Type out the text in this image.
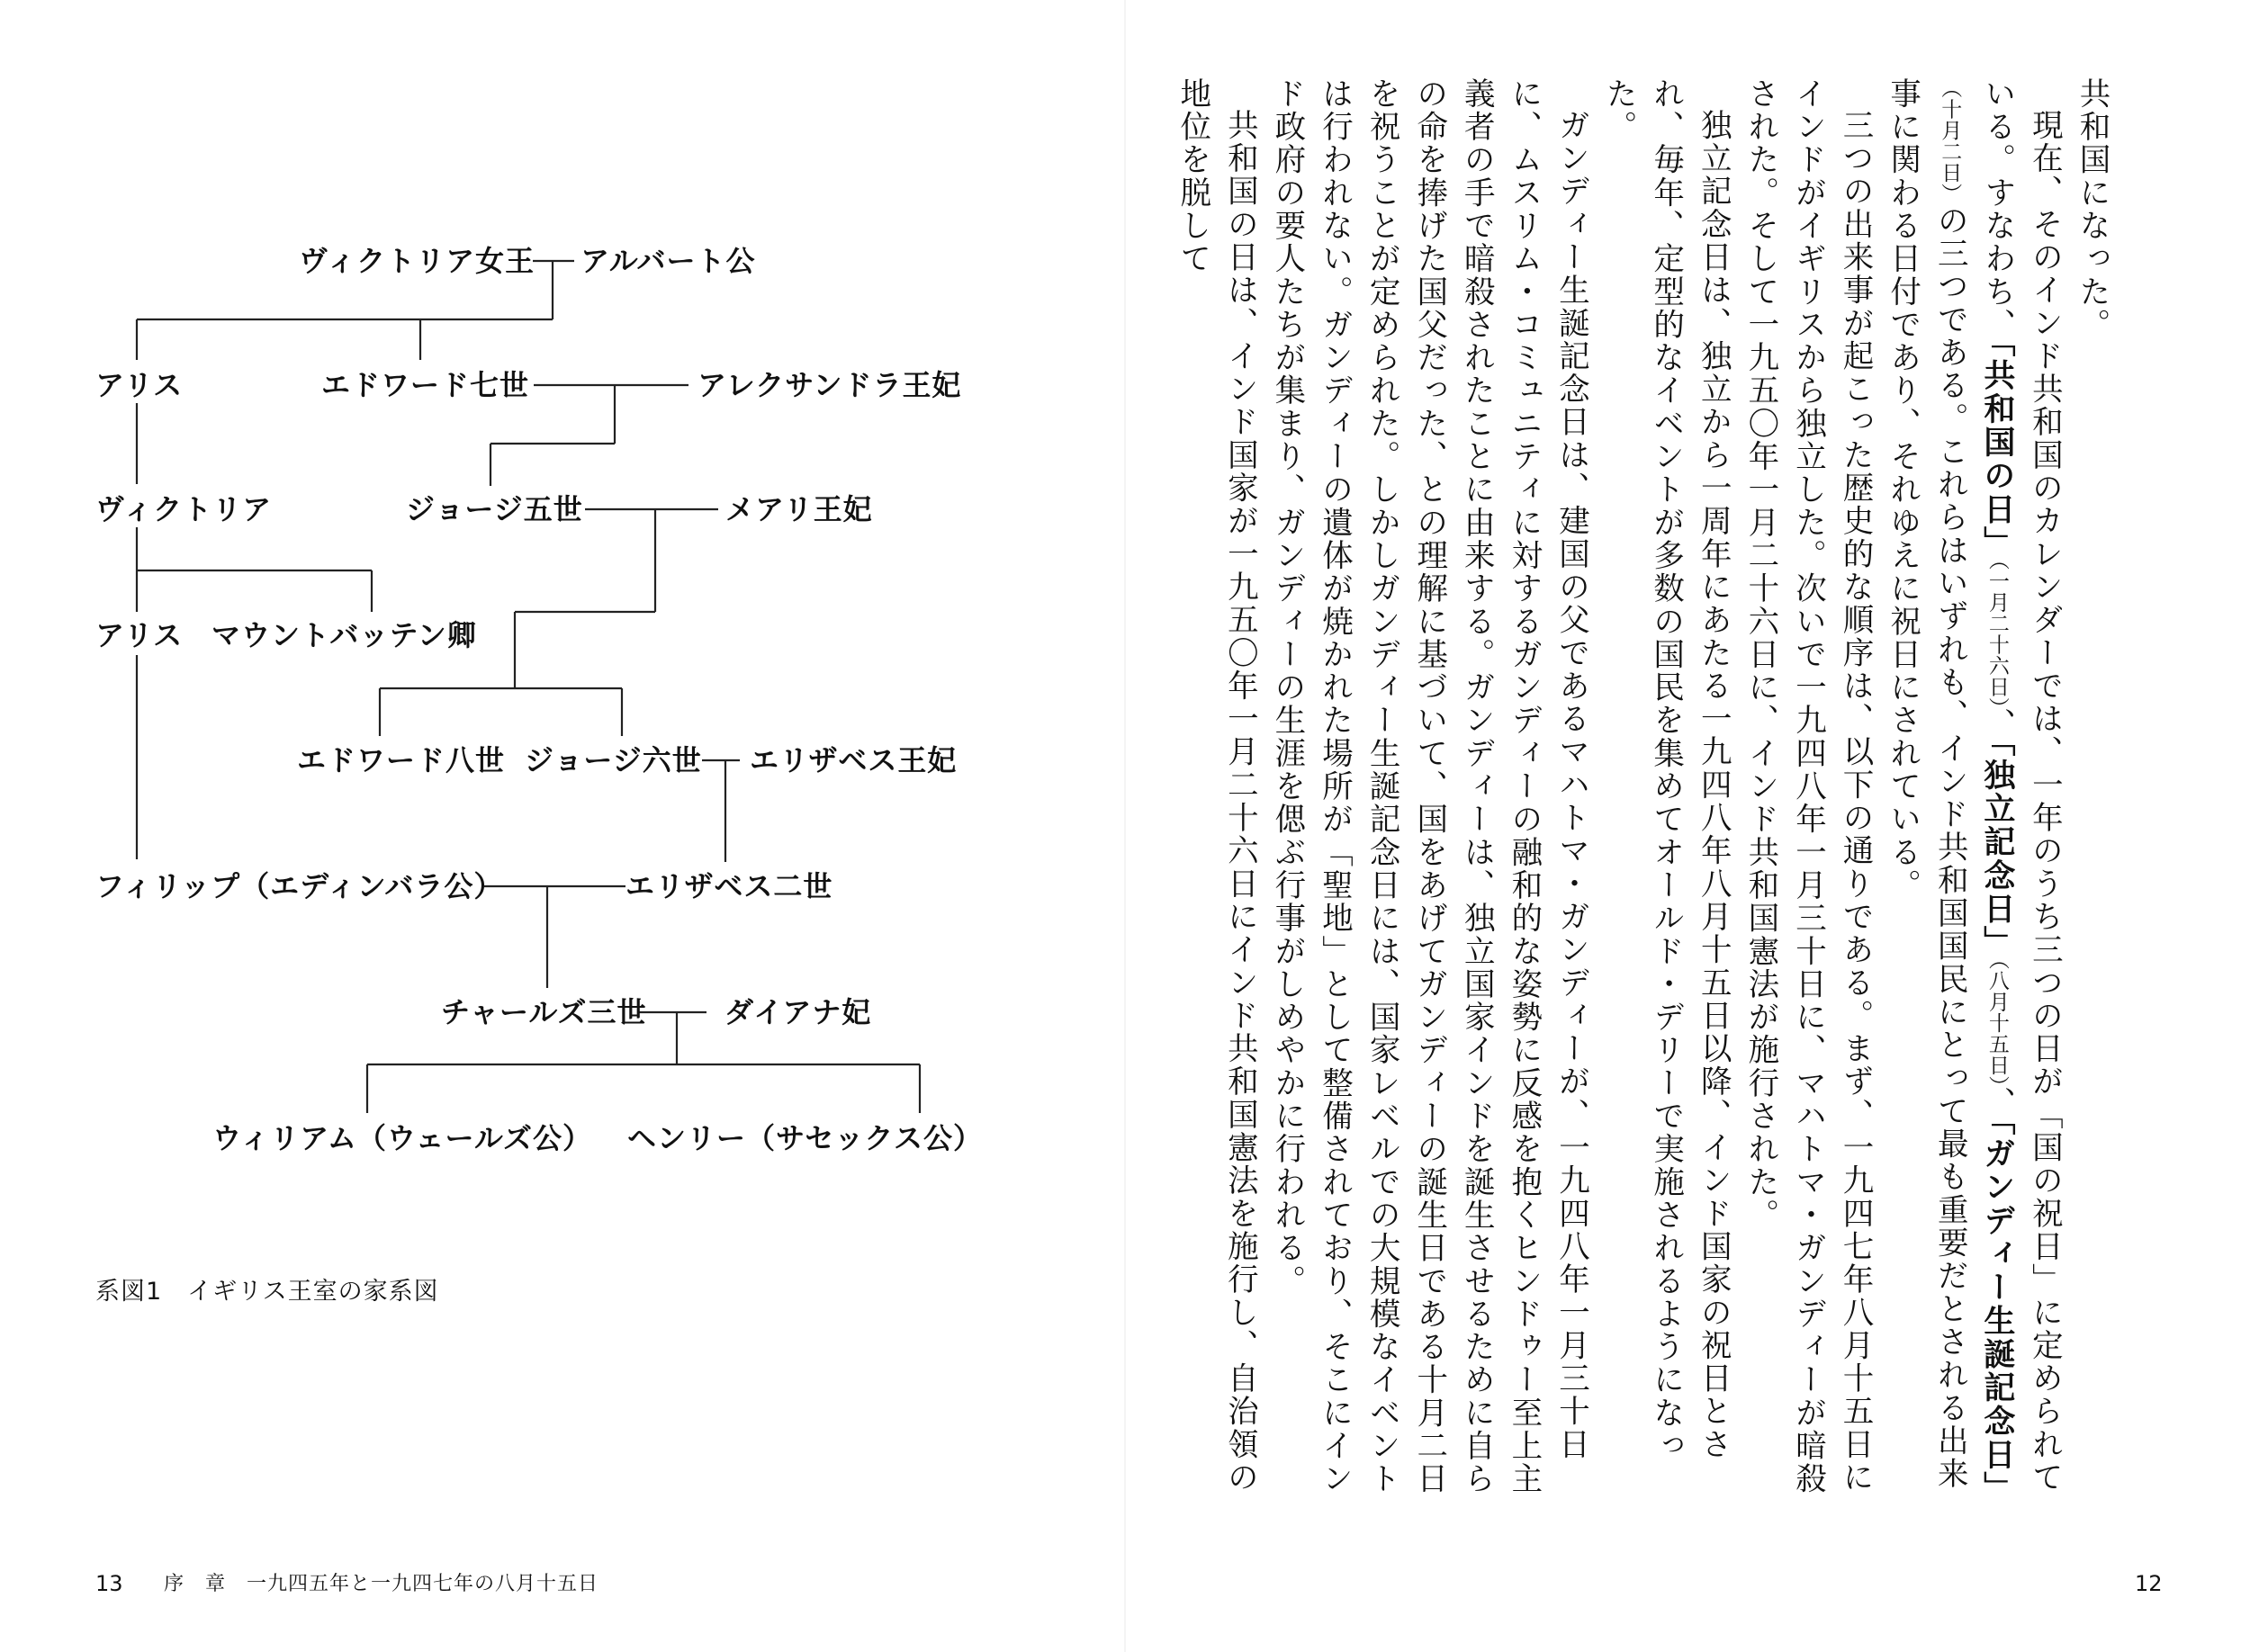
ヴィクトリア女王 アルバート公
アリス	エドワード七世	アレクサンドラ王妃
ヴィクトリア	ジョージ五世	メアリ王妃
アリス マウントバッテン卿
エドワード八世 ジョージ六世 エリザベス王妃
フィリップ（エディンバラ公）	エリザベス二世
チャールズ三世	ダイアナ妃
ウィリアム（ウェールズ公） ヘンリー（サセックス公）
系図1　イギリス王室の家系図
13 序　章　一九四五年と一九四七年の八月十五日

共和国になった。

現在、そのインド共和国のカレンダーでは、一年のうち三つの日が「国の祝日」に定められている。すなわち、「共和国の日」（一月二十六日）、「独立記念日」（八月十五日）、「ガンディー生誕記念日」（十月二日）の三つである。これらはいずれも、インド共和国国民にとって最も重要だとされる出来事に関わる日付であり、それゆえに祝日にされている。

三つの出来事が起こった歴史的な順序は、以下の通りである。まず、一九四七年八月十五日にインドがイギリスから独立した。次いで一九四八年一月三十日に、マハトマ・ガンディーが暗殺された。そして一九五〇年一月二十六日に、インド共和国憲法が施行された。

独立記念日は、独立から一周年にあたる一九四八年八月十五日以降、インド国家の祝日とされ、毎年、定型的なイベントが多数の国民を集めてオールド・デリーで実施されるようになった。

ガンディー生誕記念日は、建国の父であるマハトマ・ガンディーが、一九四八年一月三十日に、ムスリム・コミュニティに対するガンディーの融和的な姿勢に反感を抱くヒンドゥー至上主義者の手で暗殺されたことに由来する。ガンディーは、独立国家インドを誕生させるために自らの命を捧げた国父だった、との理解に基づいて、国をあげてガンディーの誕生日である十月二日を祝うことが定められた。しかしガンディー生誕記念日には、国家レベルでの大規模なイベントは行われない。ガンディーの遺体が焼かれた場所が「聖地」として整備されており、そこにインド政府の要人たちが集まり、ガンディーの生涯を偲ぶ行事がしめやかに行われる。

共和国の日は、インド国家が一九五〇年一月二十六日にインド共和国憲法を施行し、自治領の地位を脱して

12
